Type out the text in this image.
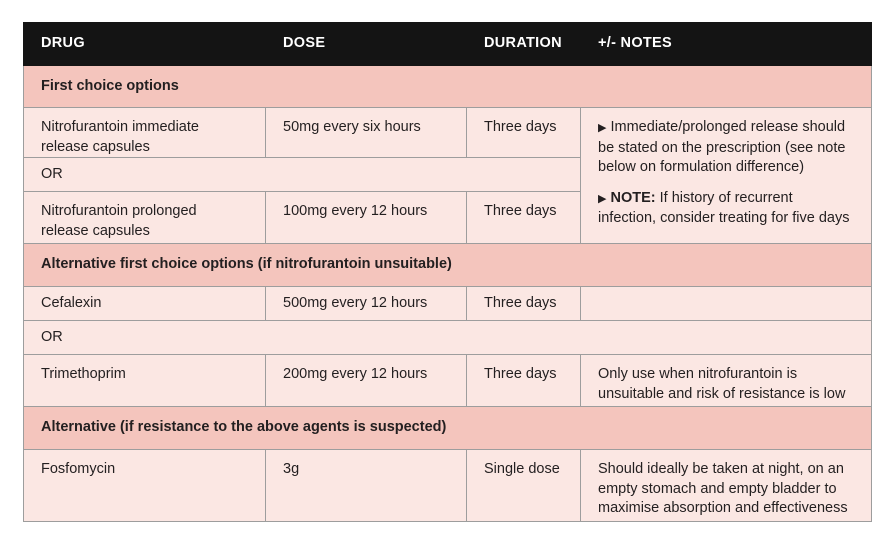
DRUG	DOSE	DURATION	+/- NOTES
First choice options			
Nitrofurantoin immediate release capsules	50mg every six hours	Three days	▶ Immediate/prolonged release should be stated on the prescription (see note below on formulation difference)

▶ NOTE: If history of recurrent infection, consider treating for five days

OR			
Nitrofurantoin prolonged release capsules	100mg every 12 hours	Three days	
Alternative first choice options (if nitrofurantoin unsuitable)			
Cefalexin	500mg every 12 hours	Three days	
OR			
Trimethoprim	200mg every 12 hours	Three days	Only use when nitrofurantoin is unsuitable and risk of resistance is low
Alternative (if resistance to the above agents is suspected)			
Fosfomycin	3g	Single dose	Should ideally be taken at night, on an empty stomach and empty bladder to maximise absorption and effectiveness
